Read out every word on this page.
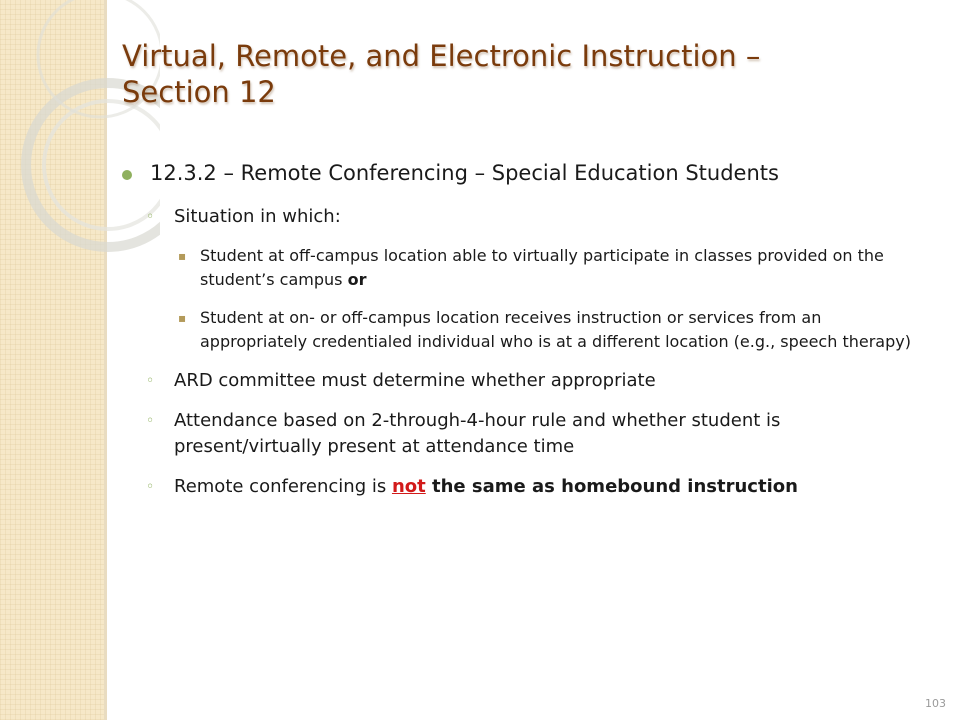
Virtual, Remote, and Electronic Instruction –
Section 12
12.3.2 – Remote Conferencing – Special Education Students
◦ Situation in which:
▪ Student at off-campus location able to virtually participate in classes provided on the student’s campus or
▪ Student at on- or off-campus location receives instruction or services from an appropriately credentialed individual who is at a different location (e.g., speech therapy)
◦ ARD committee must determine whether appropriate
◦ Attendance based on 2-through-4-hour rule and whether student is present/virtually present at attendance time
◦ Remote conferencing is not the same as homebound instruction
103
